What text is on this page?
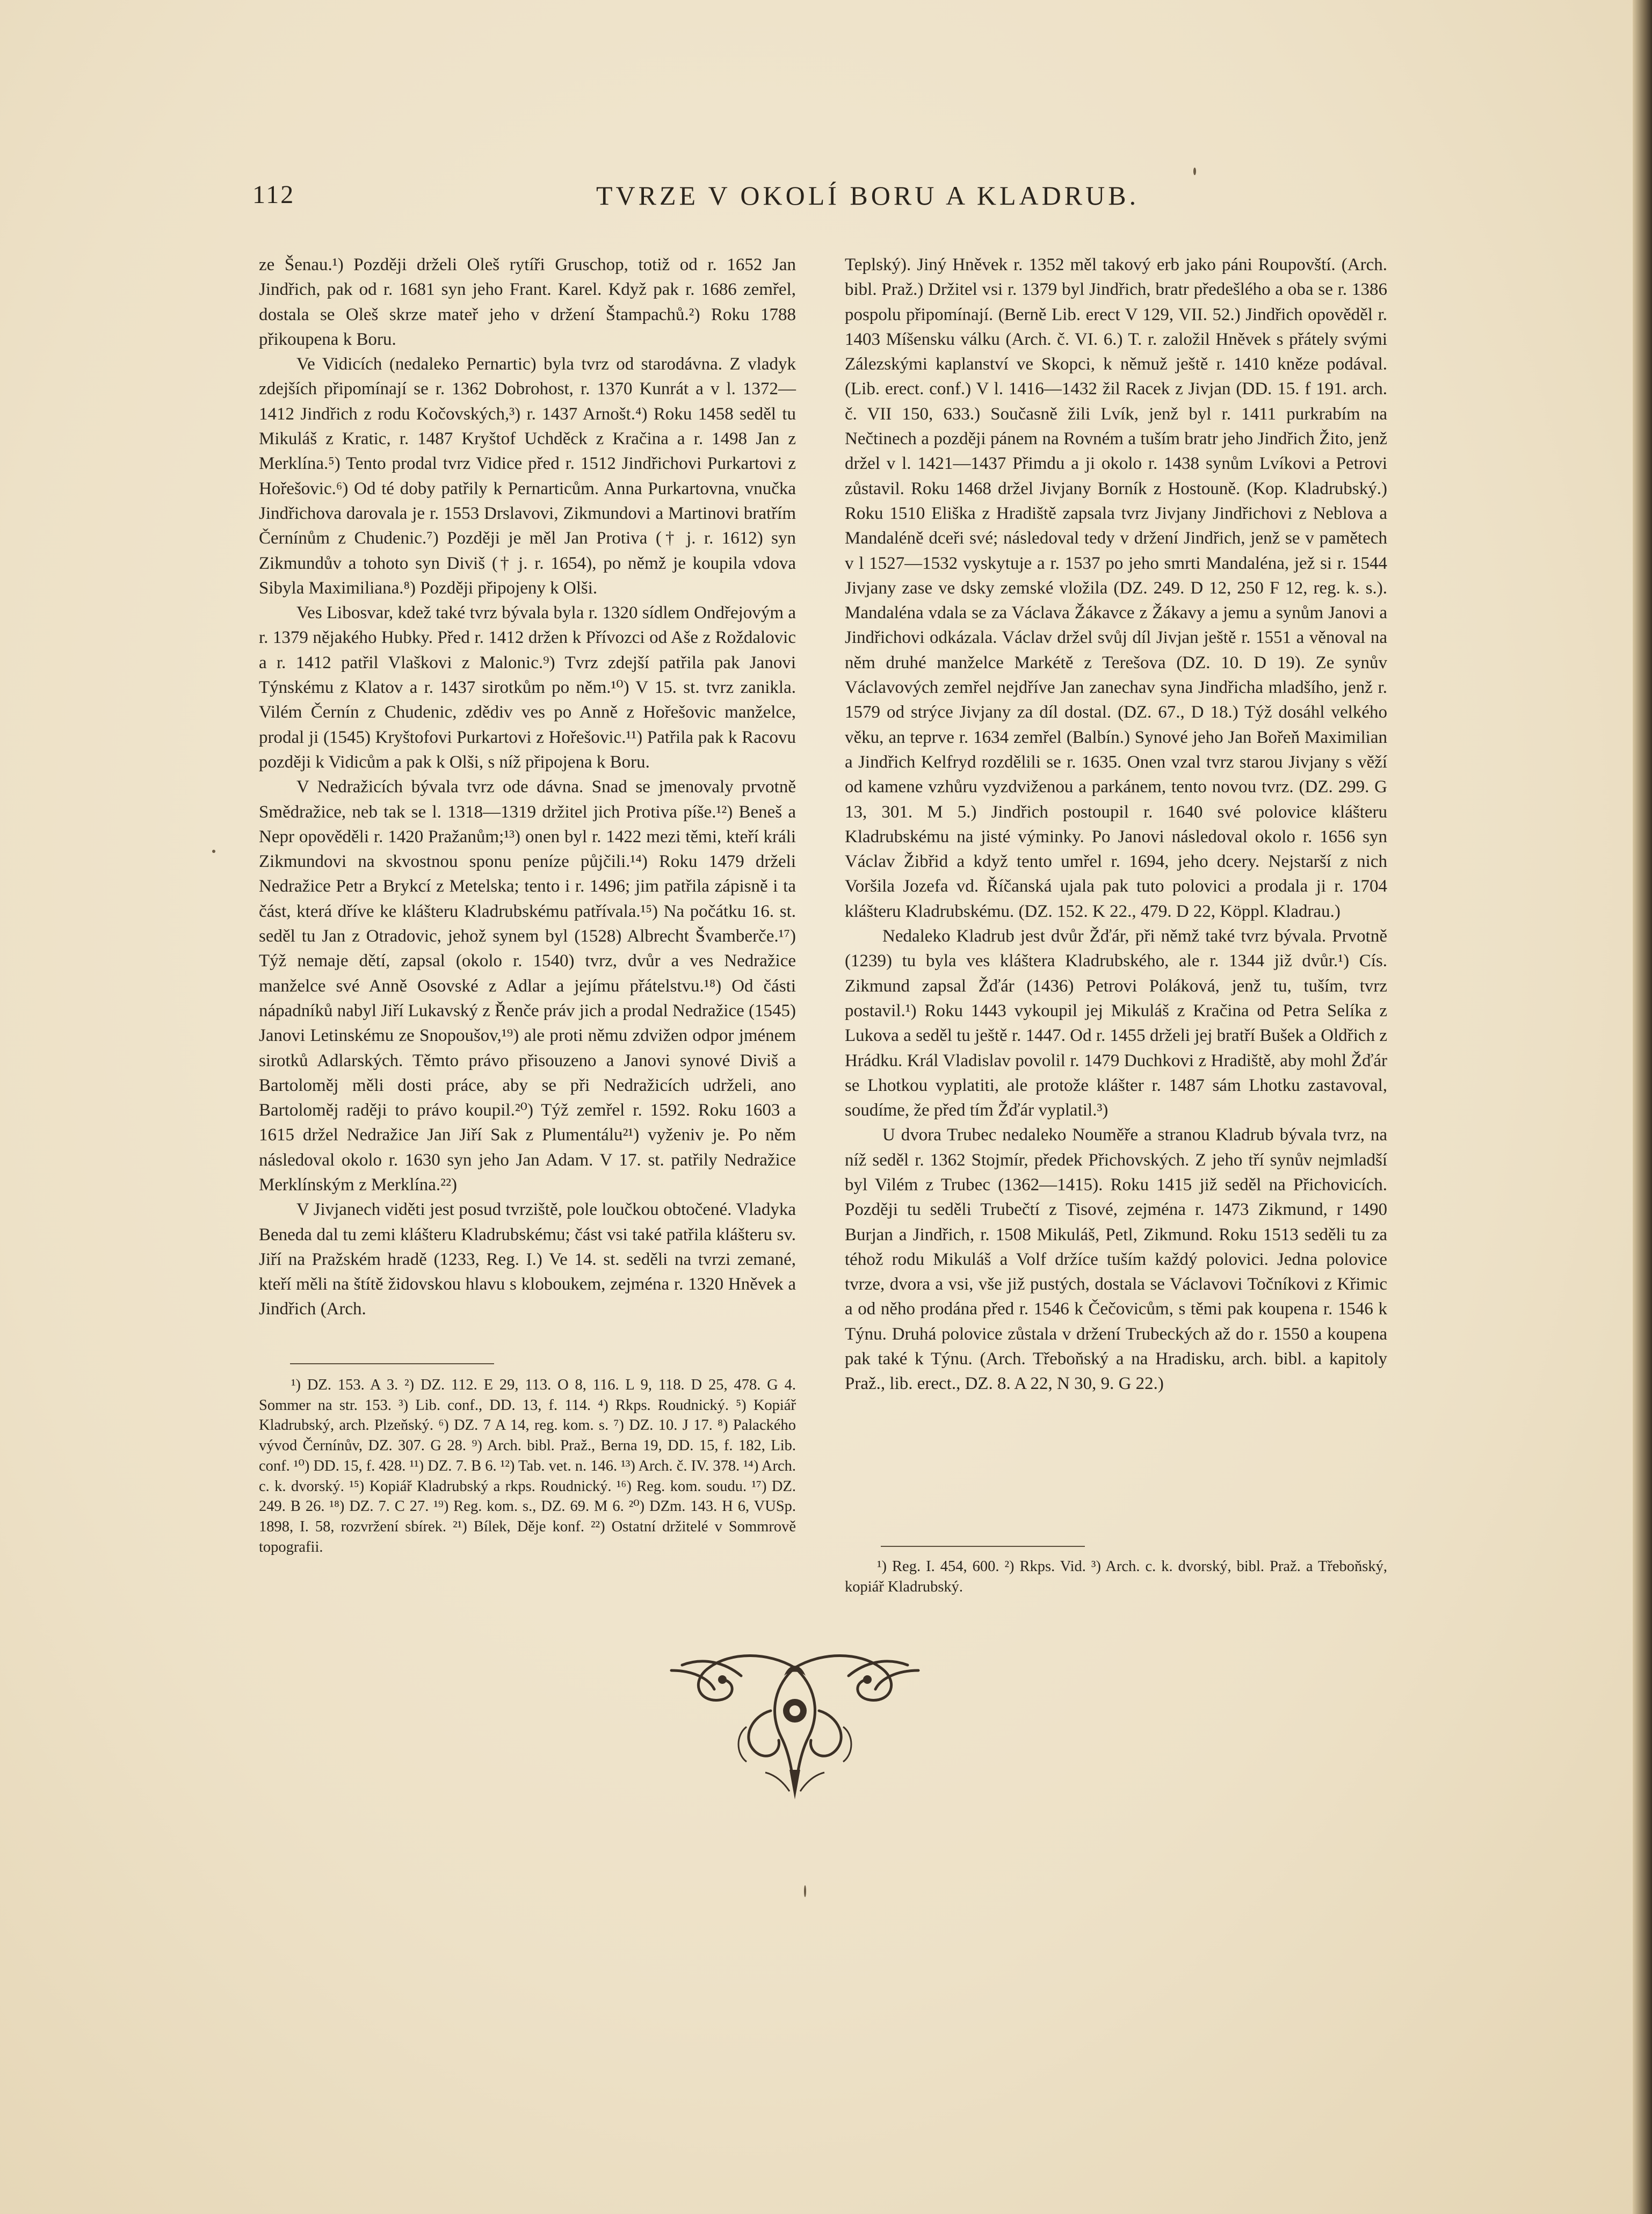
112	TVRZE V OKOLÍ BORU A KLADRUB.

ze Šenau.¹) Později drželi Oleš rytíři Gruschop, totiž od r. 1652 Jan Jindřich, pak od r. 1681 syn jeho Frant. Karel. Když pak r. 1686 zemřel, dostala se Oleš skrze mateř jeho v držení Štampachů.²) Roku 1788 přikoupena k Boru.

Ve Vidicích (nedaleko Pernartic) byla tvrz od starodávna. Z vladyk zdejších připomínají se r. 1362 Dobrohost, r. 1370 Kunrát a v l. 1372—1412 Jindřich z rodu Kočovských,³) r. 1437 Arnošt.⁴) Roku 1458 seděl tu Mikuláš z Kratic, r. 1487 Kryštof Uchděck z Kračina a r. 1498 Jan z Merklína.⁵) Tento prodal tvrz Vidice před r. 1512 Jindřichovi Purkartovi z Hořešovic.⁶) Od té doby patřily k Pernarticům. Anna Purkartovna, vnučka Jindřichova darovala je r. 1553 Drslavovi, Zikmundovi a Martinovi bratřím Černínům z Chudenic.⁷) Později je měl Jan Protiva († j. r. 1612) syn Zikmundův a tohoto syn Diviš († j. r. 1654), po němž je koupila vdova Sibyla Maximiliana.⁸) Později připojeny k Olši.

Ves Libosvar, kdež také tvrz bývala byla r. 1320 sídlem Ondřejovým a r. 1379 nějakého Hubky. Před r. 1412 držen k Přívozci od Aše z Roždalovic a r. 1412 patřil Vlaškovi z Malonic.⁹) Tvrz zdejší patřila pak Janovi Týnskému z Klatov a r. 1437 sirotkům po něm.¹⁰) V 15. st. tvrz zanikla. Vilém Černín z Chudenic, zdědiv ves po Anně z Hořešovic manželce, prodal ji (1545) Kryštofovi Purkartovi z Hořešovic.¹¹) Patřila pak k Racovu později k Vidicům a pak k Olši, s níž připojena k Boru.

V Nedražicích bývala tvrz ode dávna. Snad se jmenovaly prvotně Smědražice, neb tak se l. 1318—1319 držitel jich Protiva píše.¹²) Beneš a Nepr opověděli r. 1420 Pražanům;¹³) onen byl r. 1422 mezi těmi, kteří králi Zikmundovi na skvostnou sponu peníze půjčili.¹⁴) Roku 1479 drželi Nedražice Petr a Brykcí z Metelska; tento i r. 1496; jim patřila zápisně i ta část, která dříve ke klášteru Kladrubskému patřívala.¹⁵) Na počátku 16. st. seděl tu Jan z Otradovic, jehož synem byl (1528) Albrecht Švamberče.¹⁷) Týž nemaje dětí, zapsal (okolo r. 1540) tvrz, dvůr a ves Nedražice manželce své Anně Osovské z Adlar a jejímu přátelstvu.¹⁸) Od části nápadníků nabyl Jiří Lukavský z Řenče práv jich a prodal Nedražice (1545) Janovi Letinskému ze Snopoušov,¹⁹) ale proti němu zdvižen odpor jménem sirotků Adlarských. Těmto právo přisouzeno a Janovi synové Diviš a Bartoloměj měli dosti práce, aby se při Nedražicích udrželi, ano Bartoloměj raději to právo koupil.²⁰) Týž zemřel r. 1592. Roku 1603 a 1615 držel Nedražice Jan Jiří Sak z Plumentálu²¹) vyženiv je. Po něm následoval okolo r. 1630 syn jeho Jan Adam. V 17. st. patřily Nedražice Merklínským z Merklína.²²)

V Jivjanech viděti jest posud tvrziště, pole loučkou obtočené. Vladyka Beneda dal tu zemi klášteru Kladrubskému; část vsi také patřila klášteru sv. Jiří na Pražském hradě (1233, Reg. I.) Ve 14. st. seděli na tvrzi zemané, kteří měli na štítě židovskou hlavu s kloboukem, zejména r. 1320 Hněvek a Jindřich (Arch.

¹) DZ. 153. A 3. ²) DZ. 112. E 29, 113. O 8, 116. L 9, 118. D 25, 478. G 4. Sommer na str. 153. ³) Lib. conf., DD. 13, f. 114. ⁴) Rkps. Roudnický. ⁵) Kopiář Kladrubský, arch. Plzeňský. ⁶) DZ. 7 A 14, reg. kom. s. ⁷) DZ. 10. J 17. ⁸) Palackého vývod Černínův, DZ. 307. G 28. ⁹) Arch. bibl. Praž., Berna 19, DD. 15, f. 182, Lib. conf. ¹⁰) DD. 15, f. 428. ¹¹) DZ. 7. B 6. ¹²) Tab. vet. n. 146. ¹³) Arch. č. IV. 378. ¹⁴) Arch. c. k. dvorský. ¹⁵) Kopiář Kladrubský a rkps. Roudnický. ¹⁶) Reg. kom. soudu. ¹⁷) DZ. 249. B 26. ¹⁸) DZ. 7. C 27. ¹⁹) Reg. kom. s., DZ. 69. M 6. ²⁰) DZm. 143. H 6, VUSp. 1898, I. 58, rozvržení sbírek. ²¹) Bílek, Děje konf. ²²) Ostatní držitelé v Sommrově topografii.

Teplský). Jiný Hněvek r. 1352 měl takový erb jako páni Roupovští. (Arch. bibl. Praž.) Držitel vsi r. 1379 byl Jindřich, bratr předešlého a oba se r. 1386 pospolu připomínají. (Berně Lib. erect V 129, VII. 52.) Jindřich opověděl r. 1403 Míšensku válku (Arch. č. VI. 6.) T. r. založil Hněvek s přátely svými Zálezskými kaplanství ve Skopci, k němuž ještě r. 1410 kněze podával. (Lib. erect. conf.) V l. 1416—1432 žil Racek z Jivjan (DD. 15. f 191. arch. č. VII 150, 633.) Současně žili Lvík, jenž byl r. 1411 purkrabím na Nečtinech a později pánem na Rovném a tuším bratr jeho Jindřich Žito, jenž držel v l. 1421—1437 Přimdu a ji okolo r. 1438 synům Lvíkovi a Petrovi zůstavil. Roku 1468 držel Jivjany Borník z Hostouně. (Kop. Kladrubský.) Roku 1510 Eliška z Hradiště zapsala tvrz Jivjany Jindřichovi z Neblova a Mandaléně dceři své; následoval tedy v držení Jindřich, jenž se v pamětech v l 1527—1532 vyskytuje a r. 1537 po jeho smrti Mandaléna, jež si r. 1544 Jivjany zase ve dsky zemské vložila (DZ. 249. D 12, 250 F 12, reg. k. s.). Mandaléna vdala se za Václava Žákavce z Žákavy a jemu a synům Janovi a Jindřichovi odkázala. Václav držel svůj díl Jivjan ještě r. 1551 a věnoval na něm druhé manželce Markétě z Terešova (DZ. 10. D 19). Ze synův Václavových zemřel nejdříve Jan zanechav syna Jindřicha mladšího, jenž r. 1579 od strýce Jivjany za díl dostal. (DZ. 67., D 18.) Týž dosáhl velkého věku, an teprve r. 1634 zemřel (Balbín.) Synové jeho Jan Bořeň Maximilian a Jindřich Kelfryd rozdělili se r. 1635. Onen vzal tvrz starou Jivjany s věží od kamene vzhůru vyzdviženou a parkánem, tento novou tvrz. (DZ. 299. G 13, 301. M 5.) Jindřich postoupil r. 1640 své polovice klášteru Kladrubskému na jisté výminky. Po Janovi následoval okolo r. 1656 syn Václav Žibřid a když tento umřel r. 1694, jeho dcery. Nejstarší z nich Voršila Jozefa vd. Říčanská ujala pak tuto polovici a prodala ji r. 1704 klášteru Kladrubskému. (DZ. 152. K 22., 479. D 22, Köppl. Kladrau.)

Nedaleko Kladrub jest dvůr Žďár, při němž také tvrz bývala. Prvotně (1239) tu byla ves kláštera Kladrubského, ale r. 1344 již dvůr.¹) Cís. Zikmund zapsal Žďár (1436) Petrovi Poláková, jenž tu, tuším, tvrz postavil.¹) Roku 1443 vykoupil jej Mikuláš z Kračina od Petra Selíka z Lukova a seděl tu ještě r. 1447. Od r. 1455 drželi jej bratří Bušek a Oldřich z Hrádku. Král Vladislav povolil r. 1479 Duchkovi z Hradiště, aby mohl Žďár se Lhotkou vyplatiti, ale protože klášter r. 1487 sám Lhotku zastavoval, soudíme, že před tím Žďár vyplatil.³)

U dvora Trubec nedaleko Nouměře a stranou Kladrub bývala tvrz, na níž seděl r. 1362 Stojmír, předek Přichovských. Z jeho tří synův nejmladší byl Vilém z Trubec (1362—1415). Roku 1415 již seděl na Přichovicích. Později tu seděli Trubečtí z Tisové, zejména r. 1473 Zikmund, r 1490 Burjan a Jindřich, r. 1508 Mikuláš, Petl, Zikmund. Roku 1513 seděli tu za téhož rodu Mikuláš a Volf držíce tuším každý polovici. Jedna polovice tvrze, dvora a vsi, vše již pustých, dostala se Václavovi Točníkovi z Křimic a od něho prodána před r. 1546 k Čečovicům, s těmi pak koupena r. 1546 k Týnu. Druhá polovice zůstala v držení Trubeckých až do r. 1550 a koupena pak také k Týnu. (Arch. Třeboňský a na Hradisku, arch. bibl. a kapitoly Praž., lib. erect., DZ. 8. A 22, N 30, 9. G 22.)

¹) Reg. I. 454, 600. ²) Rkps. Vid. ³) Arch. c. k. dvorský, bibl. Praž. a Třeboňský, kopiář Kladrubský.
